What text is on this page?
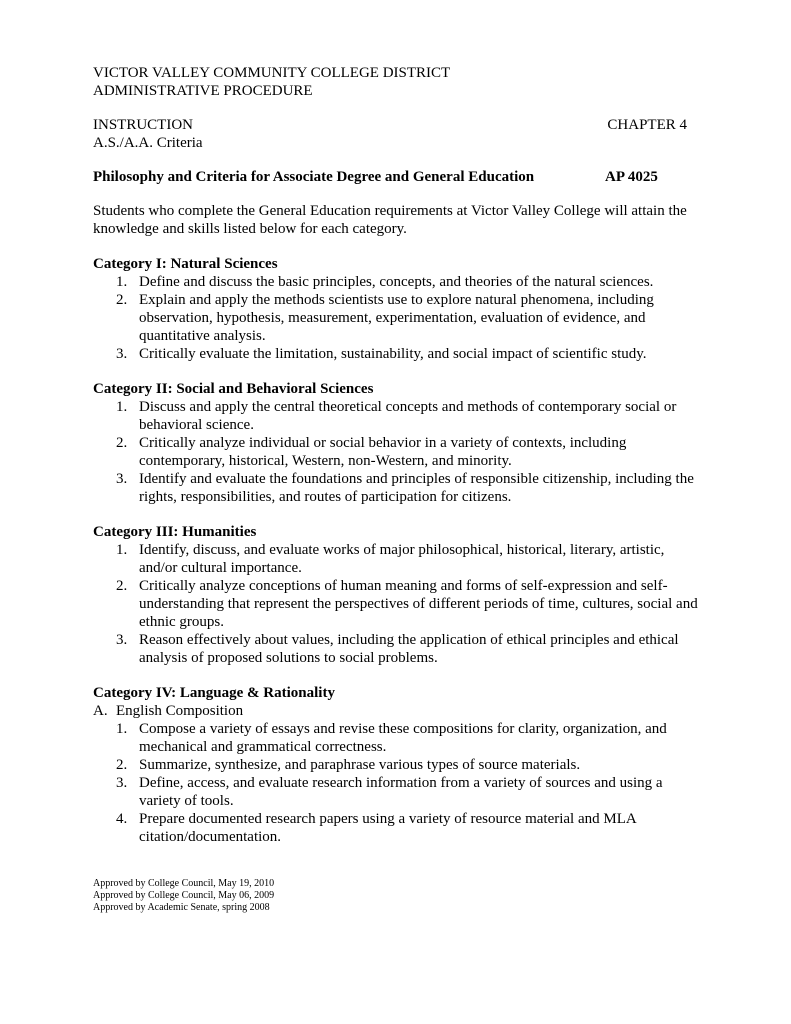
VICTOR VALLEY COMMUNITY COLLEGE DISTRICT
ADMINISTRATIVE PROCEDURE
INSTRUCTION	CHAPTER 4
A.S./A.A. Criteria
Philosophy and Criteria for Associate Degree and General Education	AP 4025
Students who complete the General Education requirements at Victor Valley College will attain the knowledge and skills listed below for each category.
Category I: Natural Sciences
1. Define and discuss the basic principles, concepts, and theories of the natural sciences.
2. Explain and apply the methods scientists use to explore natural phenomena, including observation, hypothesis, measurement, experimentation, evaluation of evidence, and quantitative analysis.
3. Critically evaluate the limitation, sustainability, and social impact of scientific study.
Category II: Social and Behavioral Sciences
1. Discuss and apply the central theoretical concepts and methods of contemporary social or behavioral science.
2. Critically analyze individual or social behavior in a variety of contexts, including contemporary, historical, Western, non-Western, and minority.
3. Identify and evaluate the foundations and principles of responsible citizenship, including the rights, responsibilities, and routes of participation for citizens.
Category III: Humanities
1. Identify, discuss, and evaluate works of major philosophical, historical, literary, artistic, and/or cultural importance.
2. Critically analyze conceptions of human meaning and forms of self-expression and self-understanding that represent the perspectives of different periods of time, cultures, social and ethnic groups.
3. Reason effectively about values, including the application of ethical principles and ethical analysis of proposed solutions to social problems.
Category IV: Language & Rationality
A. English Composition
1. Compose a variety of essays and revise these compositions for clarity, organization, and mechanical and grammatical correctness.
2. Summarize, synthesize, and paraphrase various types of source materials.
3. Define, access, and evaluate research information from a variety of sources and using a variety of tools.
4. Prepare documented research papers using a variety of resource material and MLA citation/documentation.
Approved by College Council, May 19, 2010
Approved by College Council, May 06, 2009
Approved by Academic Senate, spring 2008
